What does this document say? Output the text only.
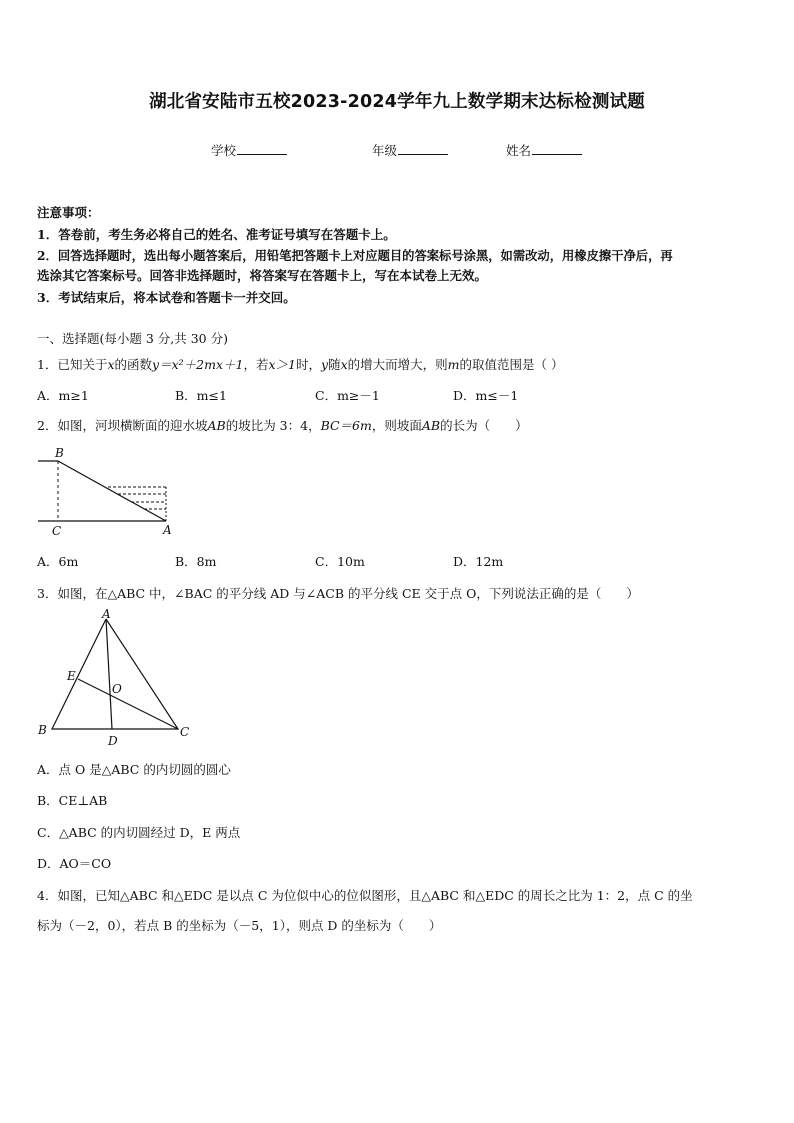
湖北省安陆市五校2023-2024学年九上数学期末达标检测试题
学校	年级	姓名
注意事项：
1．答卷前，考生务必将自己的姓名、准考证号填写在答题卡上。
2．回答选择题时，选出每小题答案后，用铅笔把答题卡上对应题目的答案标号涂黑，如需改动，用橡皮擦干净后，再
选涂其它答案标号。回答非选择题时，将答案写在答题卡上，写在本试卷上无效。
3．考试结束后，将本试卷和答题卡一并交回。
一、选择题(每小题 3 分,共 30 分)
1．已知关于x的函数y＝x²＋2mx＋1，若x＞1时，y随x的增大而增大，则m的取值范围是（ ）
A．m≥1	B．m≤1	C．m≥－1	D．m≤－1
2．如图，河坝横断面的迎水坡AB的坡比为 3：4，BC＝6m，则坡面AB的长为（　　）
B
C	A
A．6m	B．8m	C．10m	D．12m
3．如图，在△ABC 中，∠BAC 的平分线 AD 与∠ACB 的平分线 CE 交于点 O，下列说法正确的是（　　）
A
B	C
D
E
O
A．点 O 是△ABC 的内切圆的圆心
B．CE⊥AB
C．△ABC 的内切圆经过 D，E 两点
D．AO＝CO
4．如图，已知△ABC 和△EDC 是以点 C 为位似中心的位似图形，且△ABC 和△EDC 的周长之比为 1：2，点 C 的坐
标为（－2，0），若点 B 的坐标为（－5，1），则点 D 的坐标为（　　）
